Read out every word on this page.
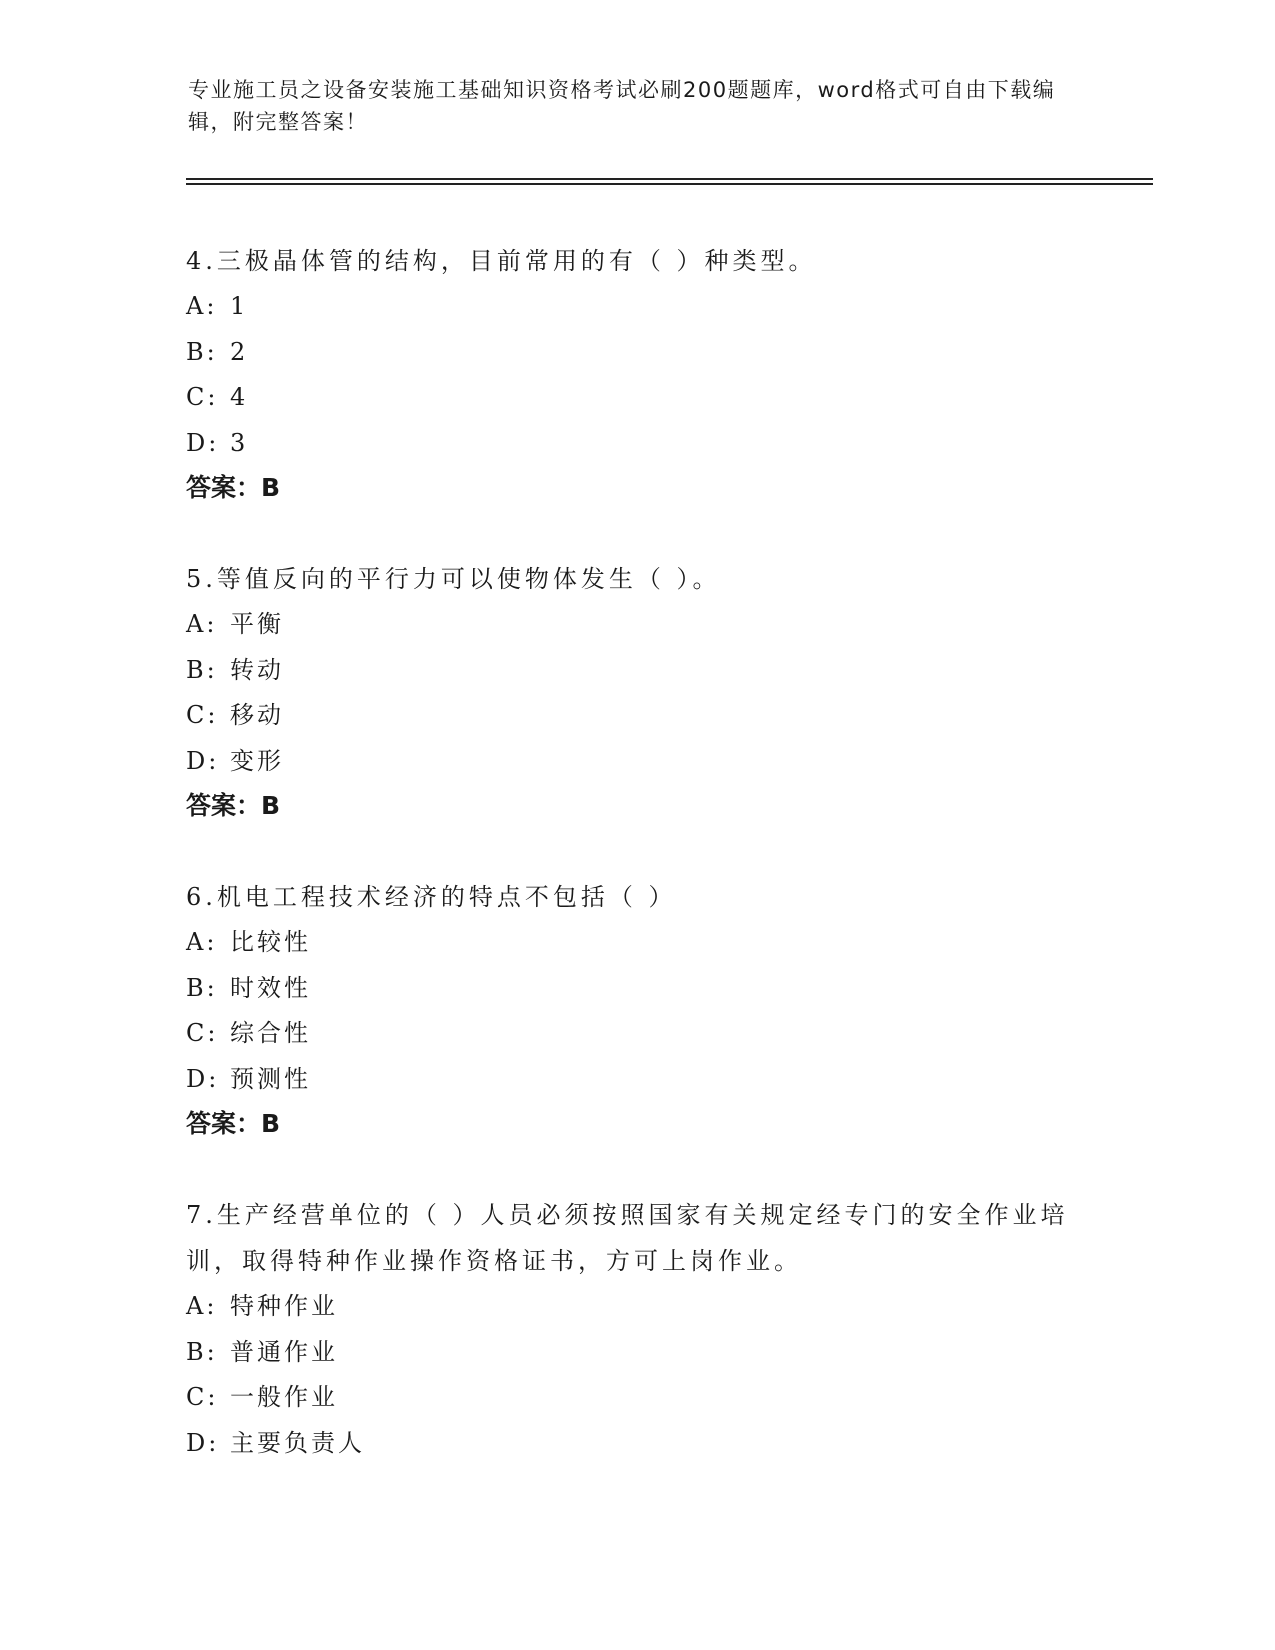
专业施工员之设备安装施工基础知识资格考试必刷200题题库，word格式可自由下载编辑，附完整答案！
4.三极晶体管的结构，目前常用的有（ ）种类型。
A: 1
B: 2
C: 4
D: 3
答案：B
5.等值反向的平行力可以使物体发生（ ）。
A: 平衡
B: 转动
C: 移动
D: 变形
答案：B
6.机电工程技术经济的特点不包括（ ）
A: 比较性
B: 时效性
C: 综合性
D: 预测性
答案：B
7.生产经营单位的（ ）人员必须按照国家有关规定经专门的安全作业培训，取得特种作业操作资格证书，方可上岗作业。
A: 特种作业
B: 普通作业
C: 一般作业
D: 主要负责人
